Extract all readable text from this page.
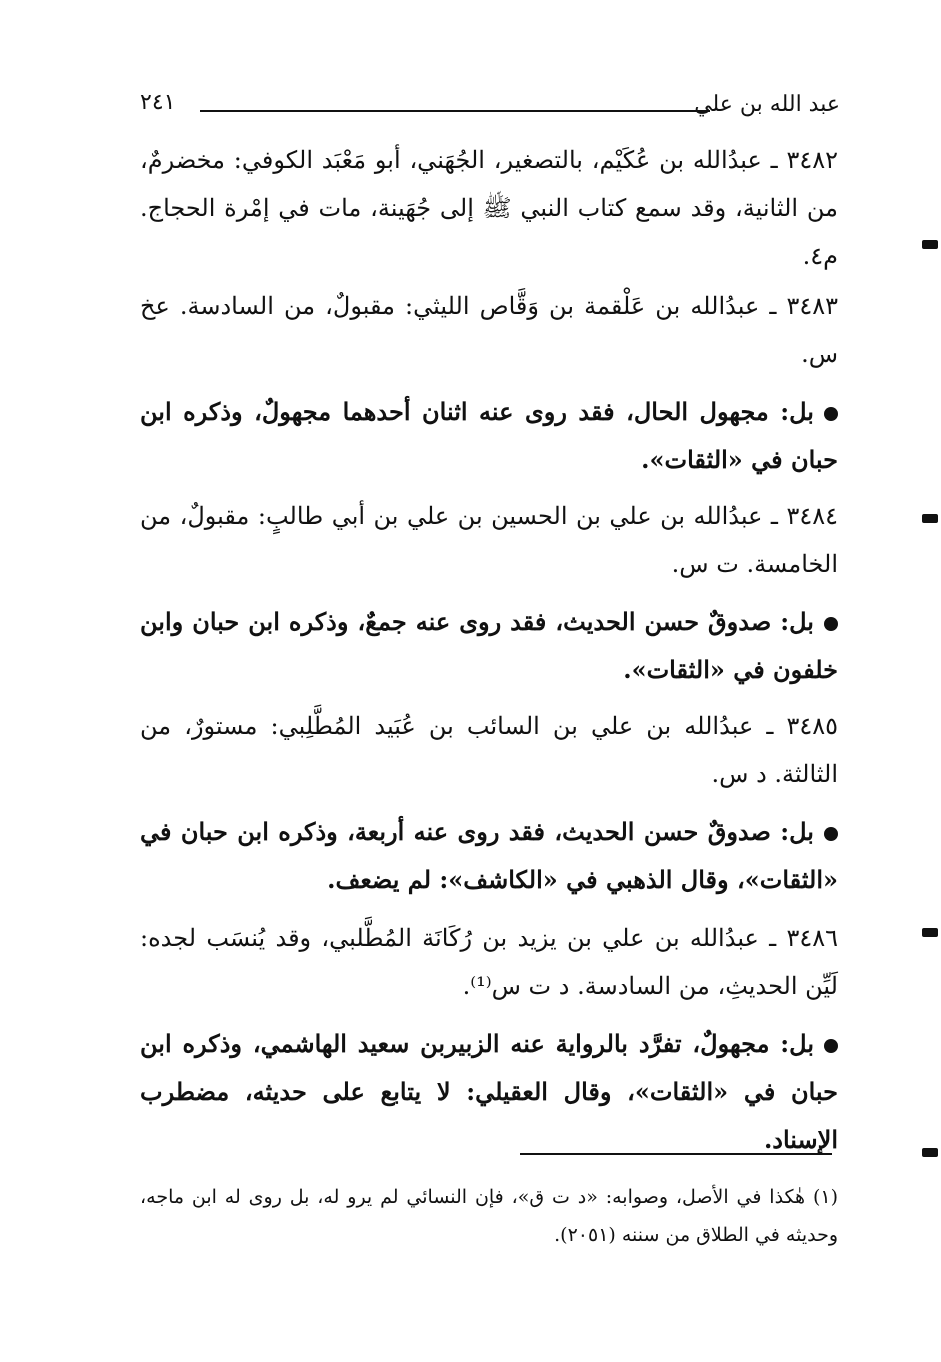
عبد الله بن علي
٢٤١

٣٤٨٢ ـ عبدُالله بن عُكَيْم، بالتصغير، الجُهَني، أبو مَعْبَد الكوفي: مخضرمٌ، من الثانية، وقد سمع كتاب النبي ﷺ إلى جُهَينة، مات في إمْرة الحجاج. م٤.

٣٤٨٣ ـ عبدُالله بن عَلْقمة بن وَقَّاص الليثي: مقبولٌ، من السادسة. عخ س.

بل: مجهول الحال، فقد روى عنه اثنان أحدهما مجهولٌ، وذكره ابن حبان في «الثقات».

٣٤٨٤ ـ عبدُالله بن علي بن الحسين بن علي بن أبي طالبٍ: مقبولٌ، من الخامسة. ت س.

بل: صدوقٌ حسن الحديث، فقد روى عنه جمعٌ، وذكره ابن حبان وابن خلفون في «الثقات».

٣٤٨٥ ـ عبدُالله بن علي بن السائب بن عُبَيد المُطَّلِبي: مستورٌ، من الثالثة. د س.

بل: صدوقٌ حسن الحديث، فقد روى عنه أربعة، وذكره ابن حبان في «الثقات»، وقال الذهبي في «الكاشف»: لم يضعف.

٣٤٨٦ ـ عبدُالله بن علي بن يزيد بن رُكَانَة المُطَّلبي، وقد يُنسَب لجده: لَيِّن الحديثِ، من السادسة. د ت س⁽¹⁾.

بل: مجهولٌ، تفرَّد بالرواية عنه الزبيربن سعيد الهاشمي، وذكره ابن حبان في «الثقات»، وقال العقيلي: لا يتابع على حديثه، مضطرب الإسناد.

(١) هٰكذا في الأصل، وصوابه: «د ت ق»، فإن النسائي لم يرو له، بل روى له ابن ماجه، وحديثه في الطلاق من سننه (٢٠٥١).
